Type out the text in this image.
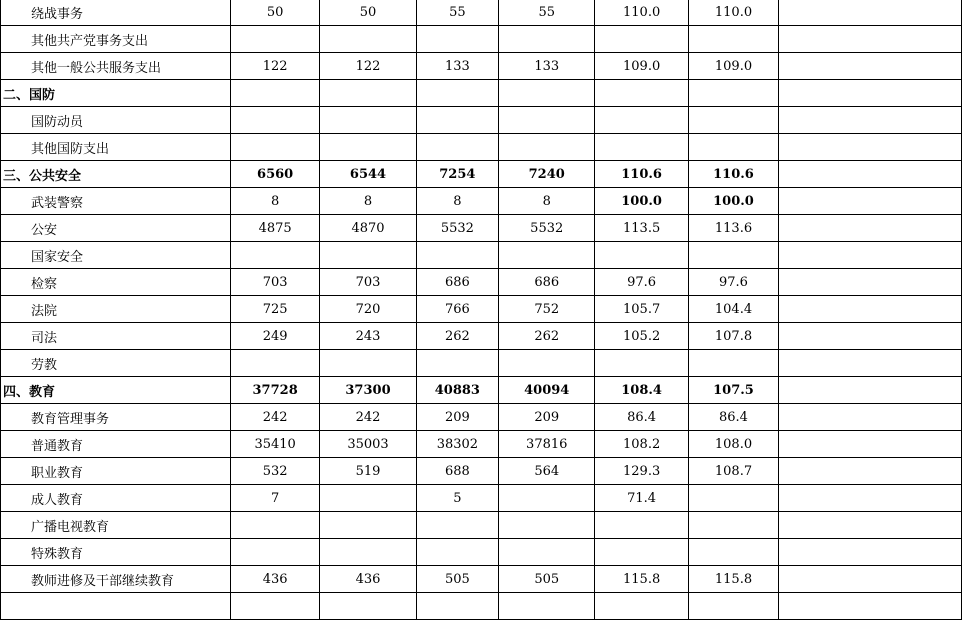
绕战事务	50	50	55	55	110.0	110.0	
其他共产党事务支出							
其他一般公共服务支出	122	122	133	133	109.0	109.0	
二、国防							
国防动员							
其他国防支出							
三、公共安全	6560	6544	7254	7240	110.6	110.6	
武装警察	8	8	8	8	100.0	100.0	
公安	4875	4870	5532	5532	113.5	113.6	
国家安全							
检察	703	703	686	686	97.6	97.6	
法院	725	720	766	752	105.7	104.4	
司法	249	243	262	262	105.2	107.8	
劳教							
四、教育	37728	37300	40883	40094	108.4	107.5	
教育管理事务	242	242	209	209	86.4	86.4	
普通教育	35410	35003	38302	37816	108.2	108.0	
职业教育	532	519	688	564	129.3	108.7	
成人教育	7		5		71.4		
广播电视教育							
特殊教育							
教师进修及干部继续教育	436	436	505	505	115.8	115.8	
